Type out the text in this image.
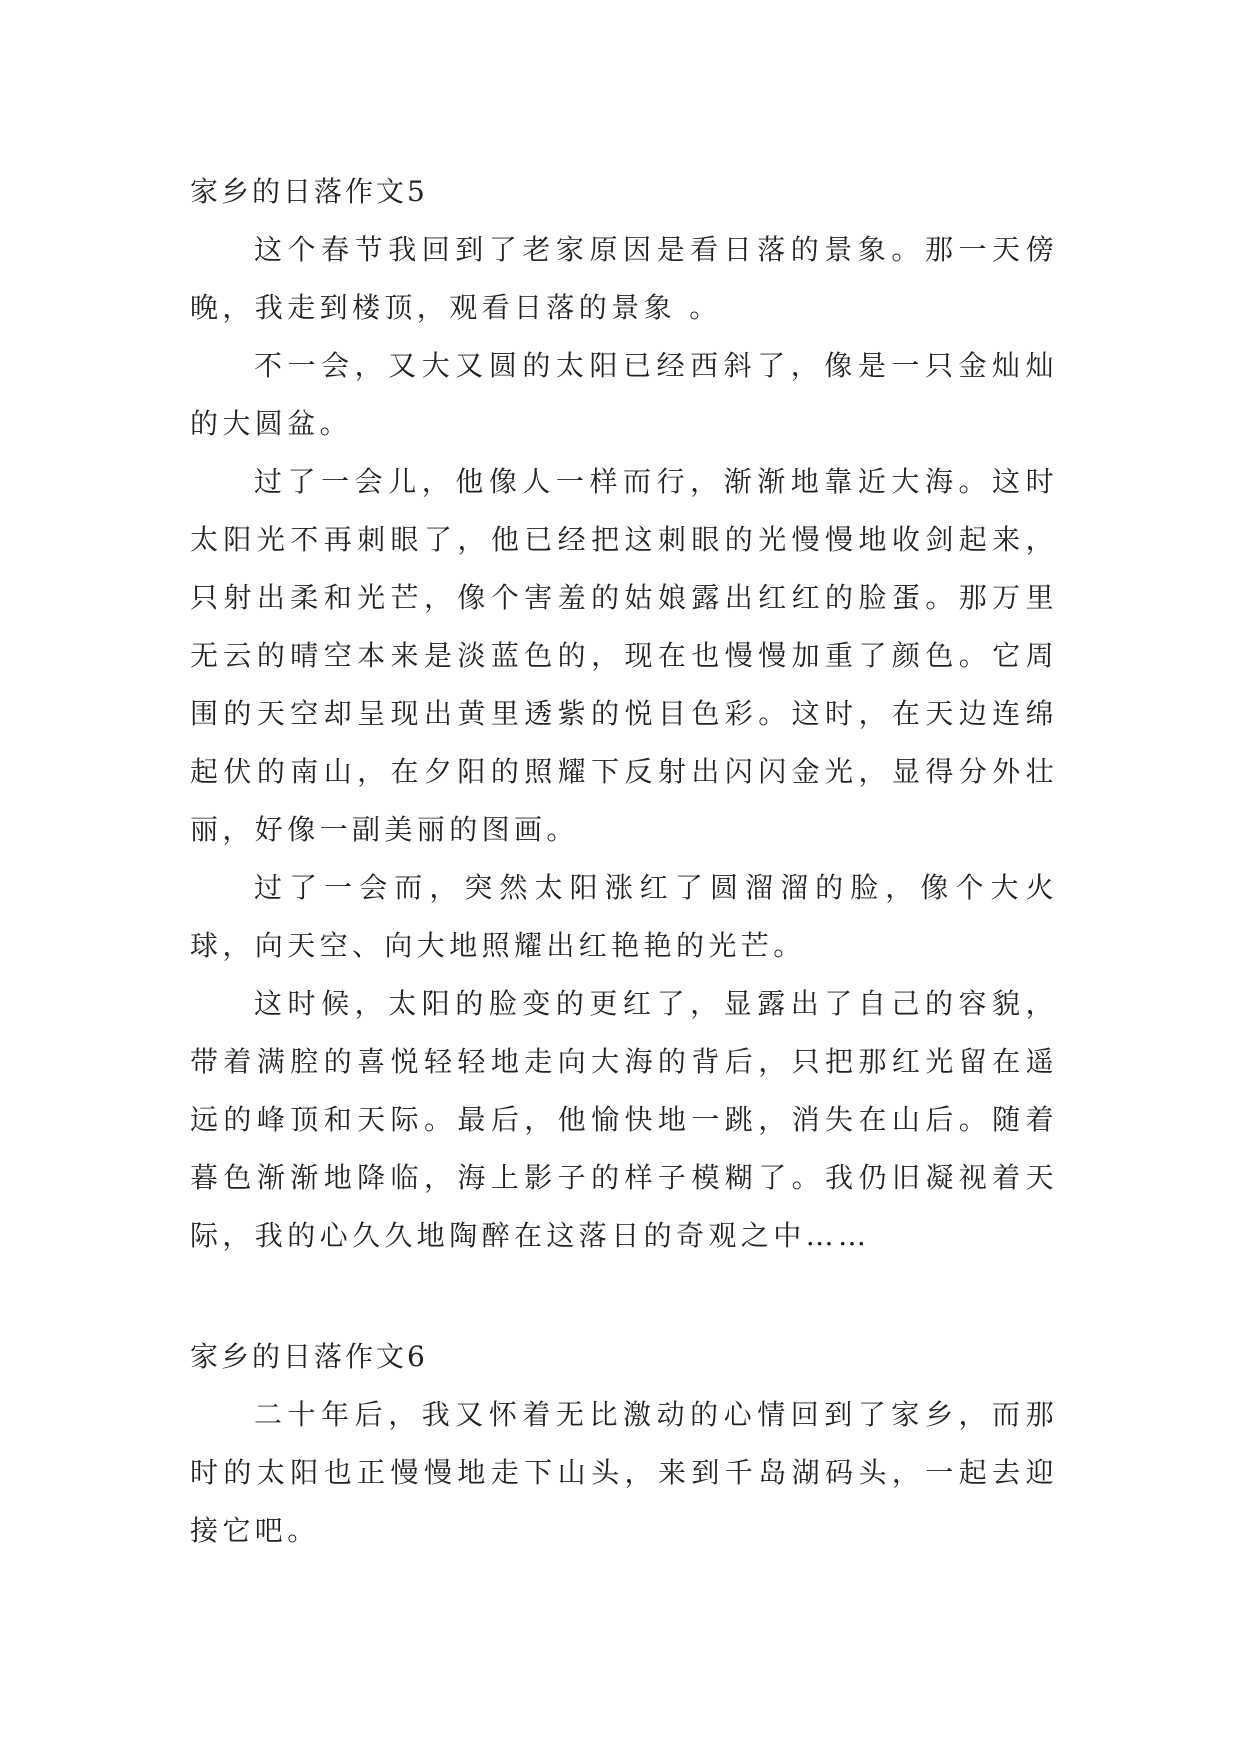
家乡的日落作文5

这个春节我回到了老家原因是看日落的景象。那一天傍晚，我走到楼顶，观看日落的景象 。

不一会，又大又圆的太阳已经西斜了，像是一只金灿灿的大圆盆。

过了一会儿，他像人一样而行，渐渐地靠近大海。这时太阳光不再刺眼了，他已经把这刺眼的光慢慢地收剑起来，只射出柔和光芒，像个害羞的姑娘露出红红的脸蛋。那万里无云的晴空本来是淡蓝色的，现在也慢慢加重了颜色。它周围的天空却呈现出黄里透紫的悦目色彩。这时，在天边连绵起伏的南山，在夕阳的照耀下反射出闪闪金光，显得分外壮丽，好像一副美丽的图画。

过了一会而，突然太阳涨红了圆溜溜的脸，像个大火球，向天空、向大地照耀出红艳艳的光芒。

这时候，太阳的脸变的更红了，显露出了自己的容貌，带着满腔的喜悦轻轻地走向大海的背后，只把那红光留在遥远的峰顶和天际。最后，他愉快地一跳，消失在山后。随着暮色渐渐地降临，海上影子的样子模糊了。我仍旧凝视着天际，我的心久久地陶醉在这落日的奇观之中……

家乡的日落作文6

二十年后，我又怀着无比激动的心情回到了家乡，而那时的太阳也正慢慢地走下山头，来到千岛湖码头，一起去迎接它吧。
